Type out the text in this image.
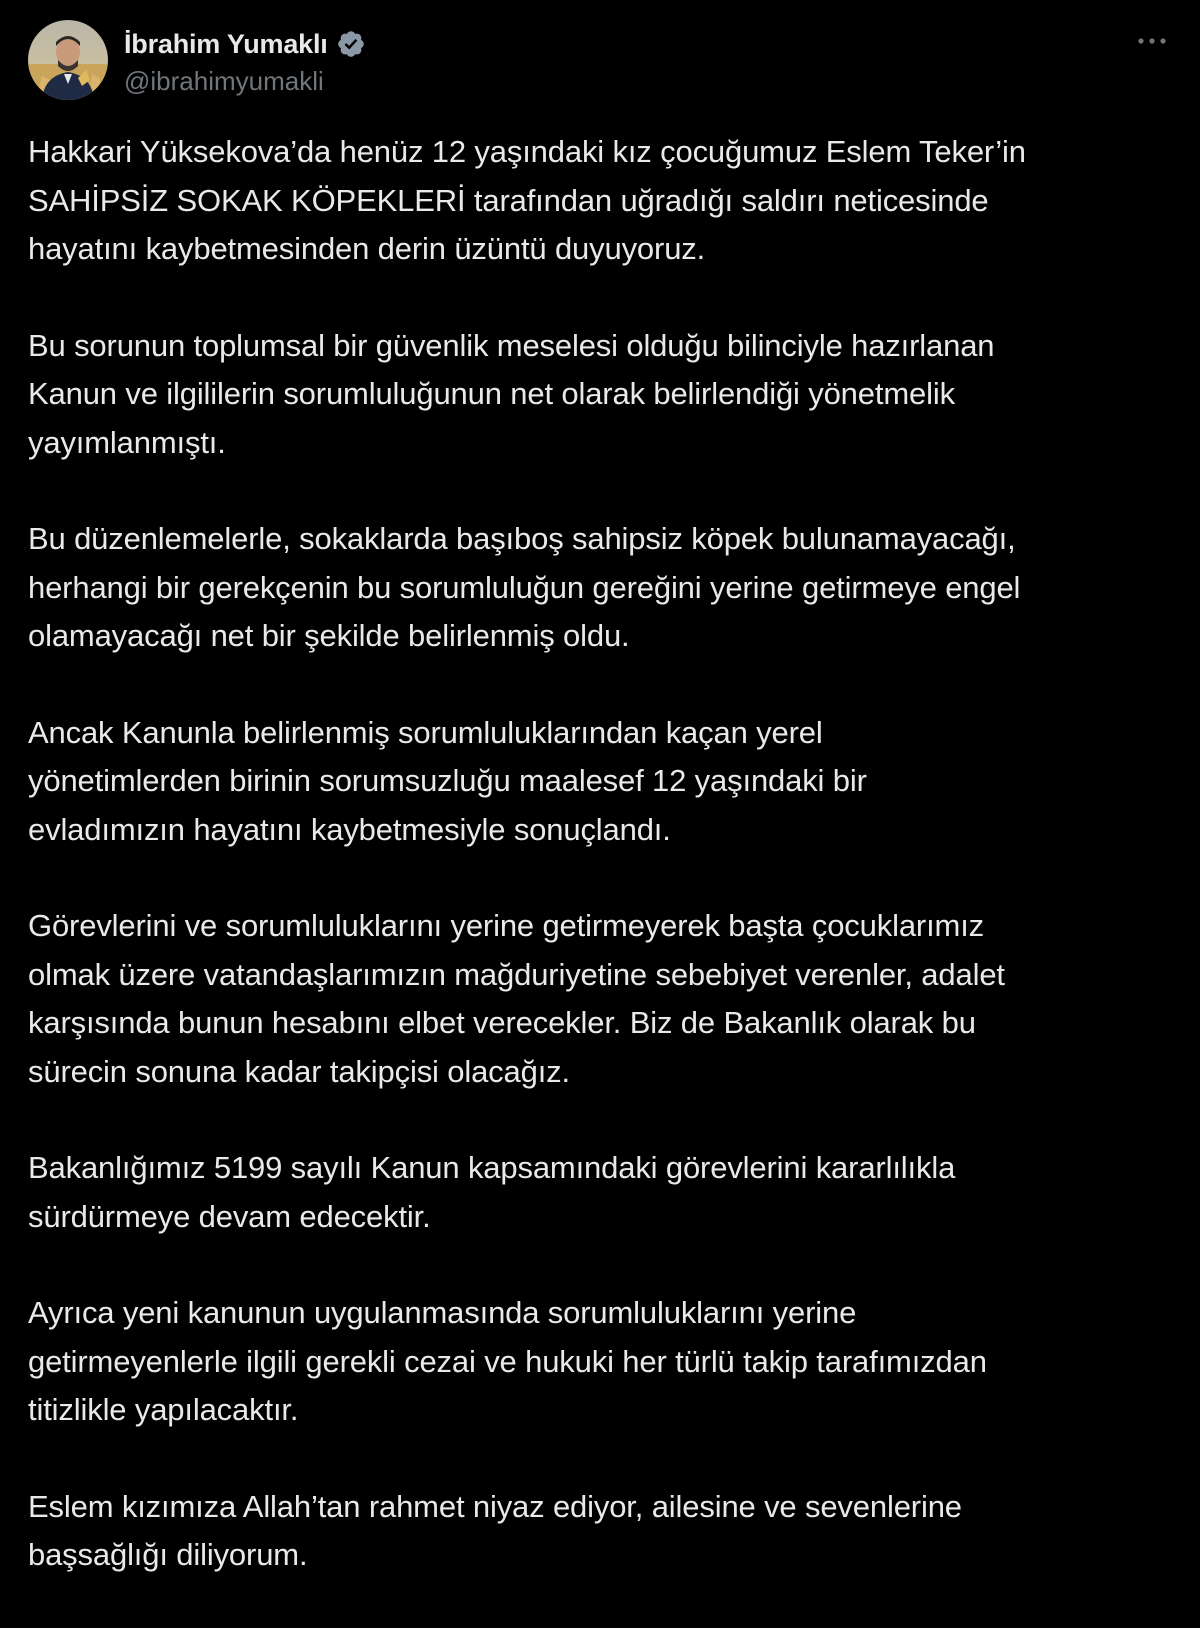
İbrahim Yumaklı
@ibrahimyumakli

Hakkari Yüksekova’da henüz 12 yaşındaki kız çocuğumuz Eslem Teker’in
SAHİPSİZ SOKAK KÖPEKLERİ tarafından uğradığı saldırı neticesinde
hayatını kaybetmesinden derin üzüntü duyuyoruz.

Bu sorunun toplumsal bir güvenlik meselesi olduğu bilinciyle hazırlanan
Kanun ve ilgililerin sorumluluğunun net olarak belirlendiği yönetmelik
yayımlanmıştı.

Bu düzenlemelerle, sokaklarda başıboş sahipsiz köpek bulunamayacağı,
herhangi bir gerekçenin bu sorumluluğun gereğini yerine getirmeye engel
olamayacağı net bir şekilde belirlenmiş oldu.

Ancak Kanunla belirlenmiş sorumluluklarından kaçan yerel
yönetimlerden birinin sorumsuzluğu maalesef 12 yaşındaki bir
evladımızın hayatını kaybetmesiyle sonuçlandı.

Görevlerini ve sorumluluklarını yerine getirmeyerek başta çocuklarımız
olmak üzere vatandaşlarımızın mağduriyetine sebebiyet verenler, adalet
karşısında bunun hesabını elbet verecekler. Biz de Bakanlık olarak bu
sürecin sonuna kadar takipçisi olacağız.

Bakanlığımız 5199 sayılı Kanun kapsamındaki görevlerini kararlılıkla
sürdürmeye devam edecektir.

Ayrıca yeni kanunun uygulanmasında sorumluluklarını yerine
getirmeyenlerle ilgili gerekli cezai ve hukuki her türlü takip tarafımızdan
titizlikle yapılacaktır.

Eslem kızımıza Allah’tan rahmet niyaz ediyor, ailesine ve sevenlerine
başsağlığı diliyorum.
